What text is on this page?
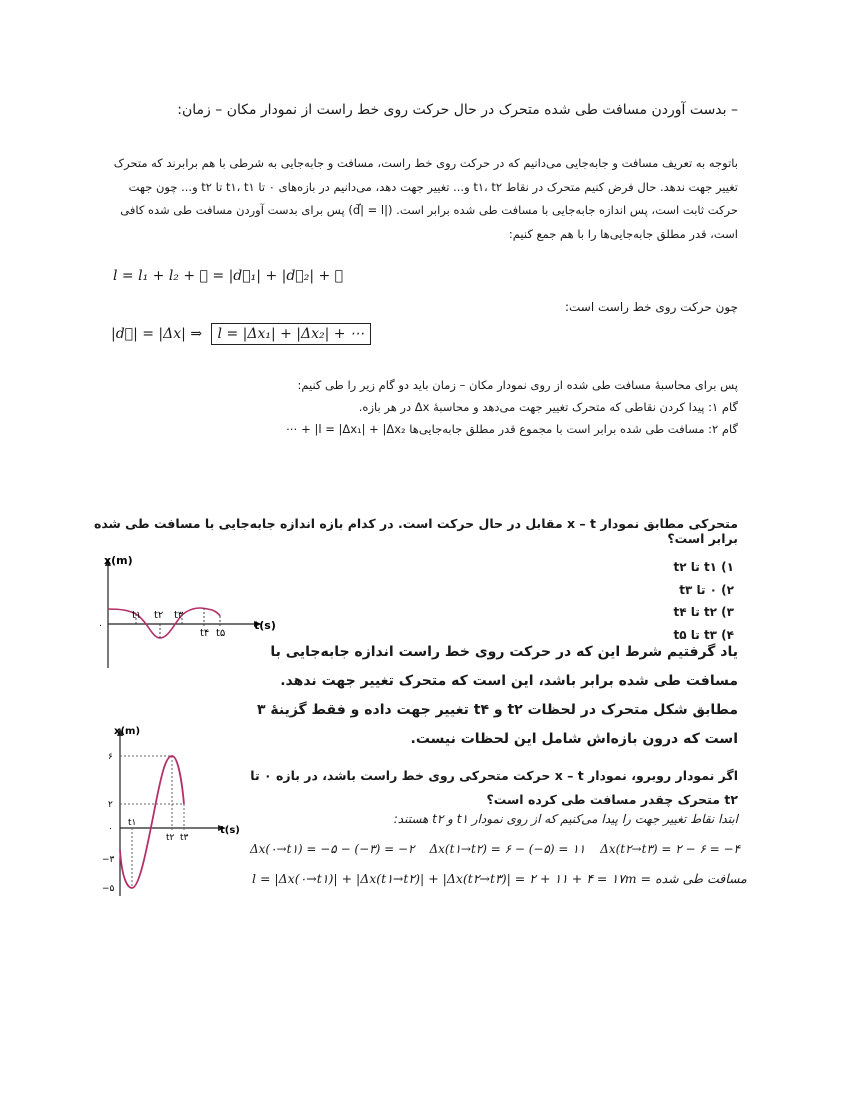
– بدست آوردن مسافت طی شده متحرک در حال حرکت روی خط راست از نمودار مکان – زمان:
باتوجه به تعریف مسافت و جابه‌جایی می‌دانیم که در حرکت روی خط راست، مسافت و جابه‌جایی به شرطی با هم برابرند که متحرک تغییر جهت ندهد. حال فرض کنیم متحرک در نقاط t۱، t۲ و... تغییر جهت دهد، می‌دانیم در بازه‌های ۰ تا t۱، t۱ تا t۲ و... چون جهت حرکت ثابت است، پس اندازه جابه‌جایی با مسافت طی شده برابر است. (|d⃗| = l) پس برای بدست آوردن مسافت طی شده کافی است، قدر مطلق جابه‌جایی‌ها را با هم جمع کنیم:
l = l₁ + l₂ + ⋯ = |d⃗₁| + |d⃗₂| + ⋯
چون حرکت روی خط راست است:
|d⃗| = |Δx| ⇒ l = |Δx₁| + |Δx₂| + ⋯
پس برای محاسبهٔ مسافت طی شده از روی نمودار مکان – زمان باید دو گام زیر را طی کنیم:
گام ۱: پیدا کردن نقاطی که متحرک تغییر جهت می‌دهد و محاسبهٔ Δx در هر بازه.
گام ۲: مسافت طی شده برابر است با مجموع قدر مطلق جابه‌جایی‌ها l = |Δx₁| + |Δx₂| + ⋯
متحرکی مطابق نمودار x – t مقابل در حال حرکت است. در کدام بازه اندازه جابه‌جایی با مسافت طی شده برابر است؟
x(m)
t(s)
۰
t۱ t۲ t۳
t۴ t۵
۱) t۱ تا t۲
۲) ۰ تا t۳
۳) t۲ تا t۴
۴) t۳ تا t۵
یاد گرفتیم شرط این که در حرکت روی خط راست اندازه جابه‌جایی با مسافت طی شده برابر باشد، این است که متحرک تغییر جهت ندهد. مطابق شکل متحرک در لحظات t۲ و t۴ تغییر جهت داده و فقط گزینهٔ ۳ است که درون بازه‌اش شامل این لحظات نیست.
x(m)
t(s)
۶
۲
۰
−۳
−۵
t۱
t۲ t۳
اگر نمودار روبرو، نمودار x – t حرکت متحرکی روی خط راست باشد، در بازه ۰ تا t۲ متحرک چقدر مسافت طی کرده است؟
ابتدا نقاط تغییر جهت را پیدا می‌کنیم که از روی نمودار t۱ و t۲ هستند:
Δx(۰→t۱) = −۵ − (−۳) = −۲ Δx(t۱→t۲) = ۶ − (−۵) = ۱۱ Δx(t۲→t۳) = ۲ − ۶ = −۴
مسافت طی شده = l = |Δx(۰→t۱)| + |Δx(t۱→t۲)| + |Δx(t۲→t۳)| = ۲ + ۱۱ + ۴ = ۱۷m
